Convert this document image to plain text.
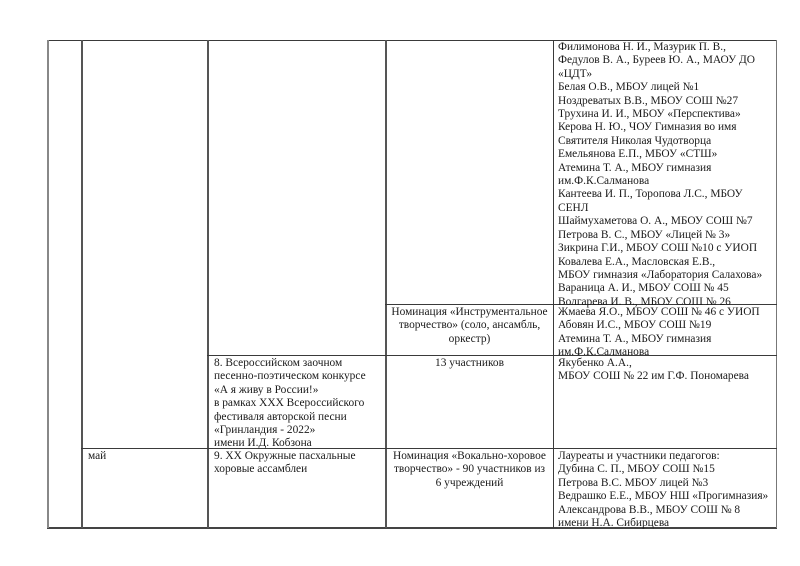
Филимонова Н. И., Мазурик П. В.,
Федулов В. А., Буреев Ю. А., МАОУ ДО
«ЦДТ»
Белая О.В., МБОУ лицей №1
Ноздреватых В.В., МБОУ СОШ №27
Трухина И. И., МБОУ «Перспектива»
Керова Н. Ю., ЧОУ Гимназия во имя
Святителя Николая Чудотворца
Емельянова Е.П., МБОУ «СТШ»
Атемина Т. А., МБОУ гимназия
им.Ф.К.Салманова
Кантеева И. П., Торопова Л.С., МБОУ
СЕНЛ
Шаймухаметова О. А., МБОУ СОШ №7
Петрова В. С., МБОУ «Лицей № 3»
Зикрина Г.И., МБОУ СОШ №10 с УИОП
Ковалева Е.А., Масловская Е.В.,
МБОУ гимназия «Лаборатория Салахова»
Вараница А. И., МБОУ СОШ № 45
Волгарева И. В., МБОУ СОШ № 26
Номинация «Инструментальное
творчество» (соло, ансамбль,
оркестр)
Жмаева Я.О., МБОУ СОШ № 46 с УИОП
Абовян И.С., МБОУ СОШ №19
Атемина Т. А., МБОУ гимназия
им.Ф.К.Салманова
8. Всероссийском заочном
песенно-поэтическом конкурсе
«А я живу в России!»
в рамках XXX Всероссийского
фестиваля авторской песни
«Гринландия - 2022»
имени И.Д. Кобзона
13 участников	Якубенко А.А.,
МБОУ СОШ № 22 им Г.Ф. Пономарева
май	9. XX Окружные пасхальные
хоровые ассамблеи
Номинация «Вокально-хоровое
творчество» - 90 участников из
6 учреждений
Лауреаты и участники педагогов:
Дубина С. П., МБОУ СОШ №15
Петрова В.С. МБОУ лицей №3
Ведрашко Е.Е., МБОУ НШ «Прогимназия»
Александрова В.В., МБОУ СОШ № 8
имени Н.А. Сибирцева
